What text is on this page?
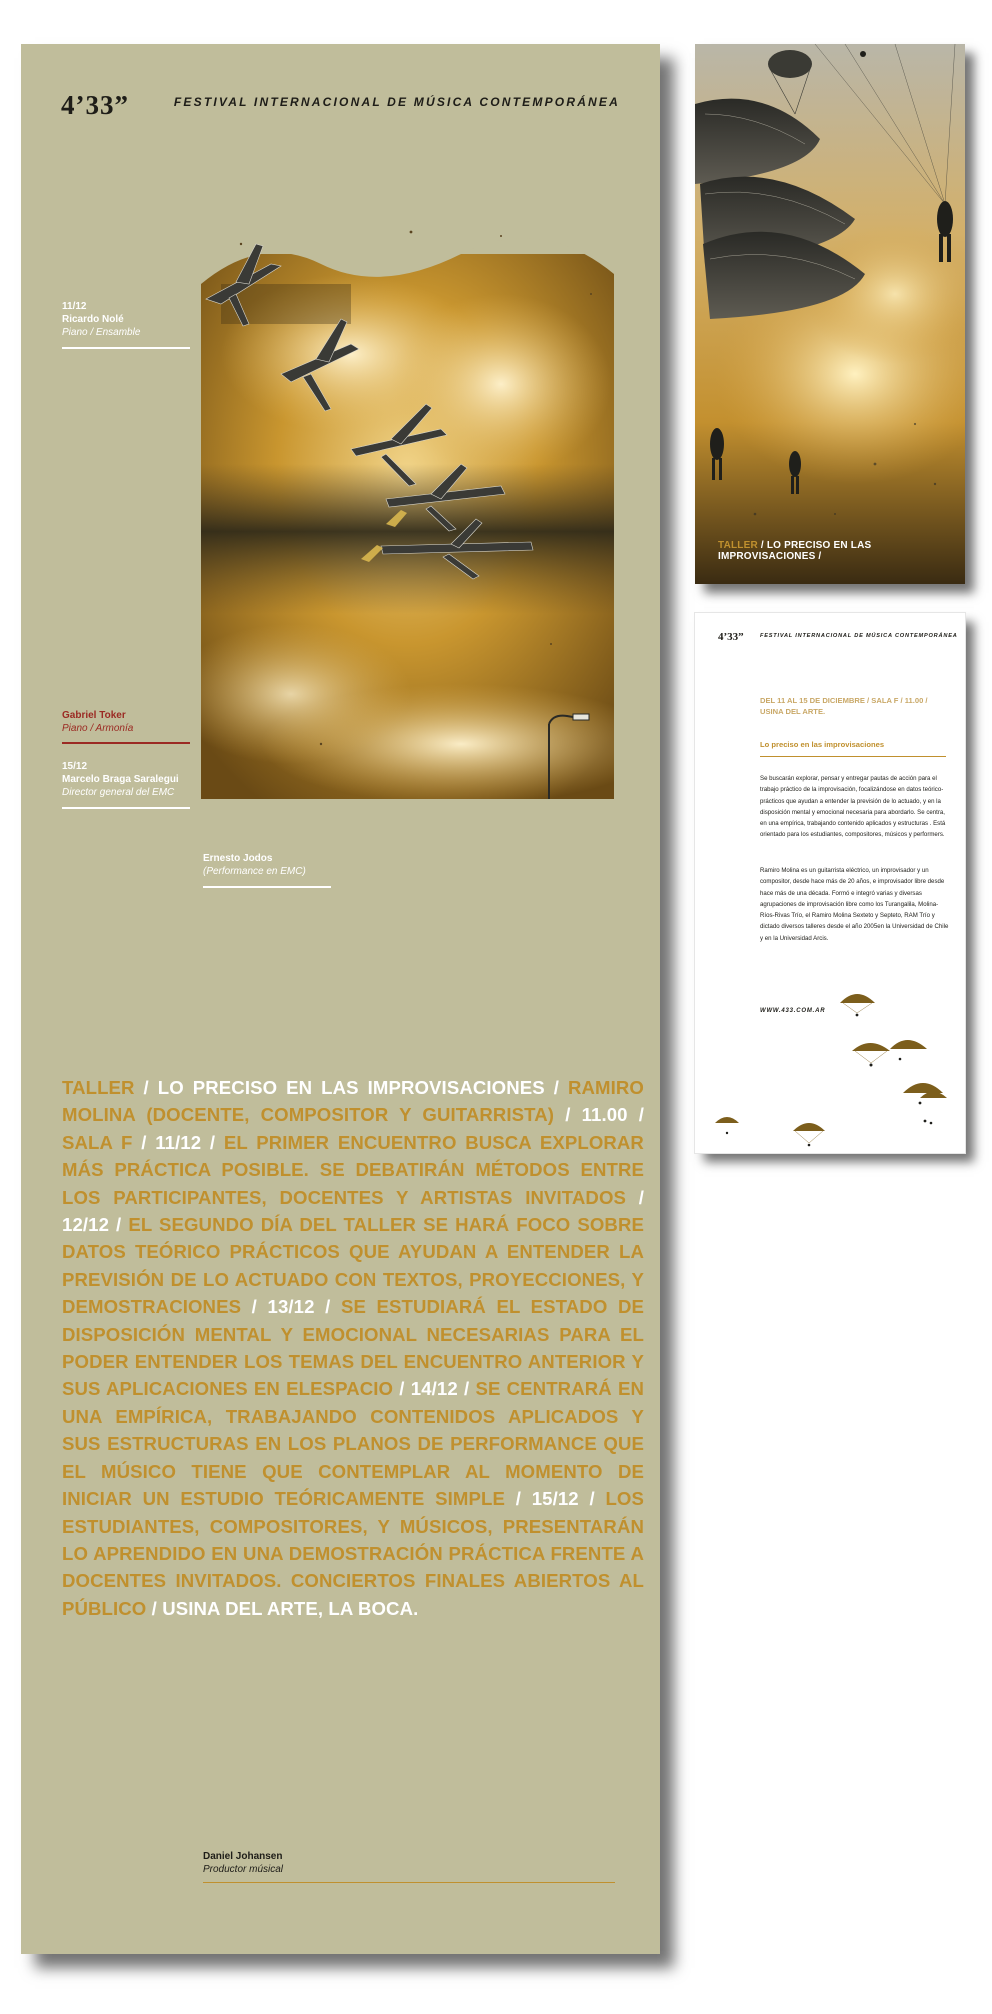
4’33”	FESTIVAL INTERNACIONAL DE MÚSICA CONTEMPORÁNEA
11/12
Ricardo Nolé
Piano / Ensamble
Gabriel Toker
Piano / Armonía
15/12
Marcelo Braga Saralegui
Director general del EMC
Ernesto Jodos
(Performance en EMC)

TALLER / LO PRECISO EN LAS IMPROVISACIONES / RAMIRO MOLINA (DOCENTE, COMPOSITOR Y GUITARRISTA) / 11.00 / SALA F / 11/12 / EL PRIMER ENCUENTRO BUSCA EXPLORAR MÁS PRÁCTICA POSIBLE. SE DEBATIRÁN MÉTODOS ENTRE LOS PARTICIPANTES, DOCENTES Y ARTISTAS INVITADOS / 12/12 / EL SEGUNDO DÍA DEL TALLER SE HARÁ FOCO SOBRE DATOS TEÓRICO PRÁCTICOS QUE AYUDAN A ENTENDER LA PREVISIÓN DE LO ACTUADO CON TEXTOS, PROYECCIONES, Y DEMOSTRACIONES / 13/12 / SE ESTUDIARÁ EL ESTADO DE DISPOSICIÓN MENTAL Y EMOCIONAL NECESARIAS PARA EL PODER ENTENDER LOS TEMAS DEL ENCUENTRO ANTERIOR Y SUS APLICACIONES EN ELESPACIO / 14/12 / SE CENTRARÁ EN UNA EMPÍRICA, TRABAJANDO CONTENIDOS APLICADOS Y SUS ESTRUCTURAS EN LOS PLANOS DE PERFORMANCE QUE EL MÚSICO TIENE QUE CONTEMPLAR AL MOMENTO DE INICIAR UN ESTUDIO TEÓRICAMENTE SIMPLE / 15/12 / LOS ESTUDIANTES, COMPOSITORES, Y MÚSICOS, PRESENTARÁN LO APRENDIDO EN UNA DEMOSTRACIÓN PRÁCTICA FRENTE A DOCENTES INVITADOS. CONCIERTOS FINALES ABIERTOS AL PÚBLICO / USINA DEL ARTE, LA BOCA.

Daniel Johansen
Productor músical
TALLER / LO PRECISO EN LAS IMPROVISACIONES /
4’33”	FESTIVAL INTERNACIONAL DE MÚSICA CONTEMPORÁNEA
DEL 11 AL 15 DE DICIEMBRE / SALA F / 11.00 / USINA DEL ARTE.
Lo preciso en las improvisaciones

Se buscarán explorar, pensar y entregar pautas de acción para el trabajo práctico de la improvisación, focalizándose en datos teórico-prácticos que ayudan a entender la previsión de lo actuado, y en la disposición mental y emocional necesaria para abordarlo. Se centra, en una empírica, trabajando contenido aplicados y estructuras . Está orientado para los estudiantes, compositores, músicos y performers.

Ramiro Molina es un guitarrista eléctrico, un improvisador y un compositor, desde hace más de 20 años, e improvisador libre desde hace más de una década. Formó e integró varias y diversas agrupaciones de improvisación libre como los Turangalila, Molina-Ríos-Rivas Trío, el Ramiro Molina Sexteto y Septeto, RAM Trío y dictado diversos talleres desde el año 2005en la Universidad de Chile y en la Universidad Arcis.

WWW.433.COM.AR
